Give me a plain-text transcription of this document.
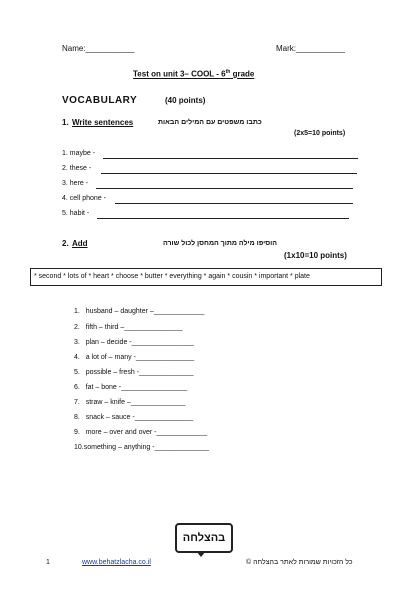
Name:___________	Mark:___________
Test on unit 3– COOL - 6th grade
VOCABULARY	(40 points)
1. Write sentences	כתבו משפטים עם המילים הבאות
(2x5=10 points)
1. maybe -
2. these -
3. here -
4. cell phone -
5. habit -
2. Add	הוסיפו מילה מתוך המחסן לכול שורה
(1x10=10 points)
* second * lots of * heart * choose * butter * everything * again * cousin * important * plate
1. husband – daughter –_____________
2. fifth – third –_______________
3. plan – decide -________________
4. a lot of – many -_______________
5. possible – fresh -______________
6. fat – bone -_________________
7. straw – knife –______________
8. snack – sauce -_______________
9. more – over and over -_____________
10.something – anything -______________
בהצלחה
1	www.behatzlacha.co.il	כל הזכויות שמורות לאתר בהצלחה ©
